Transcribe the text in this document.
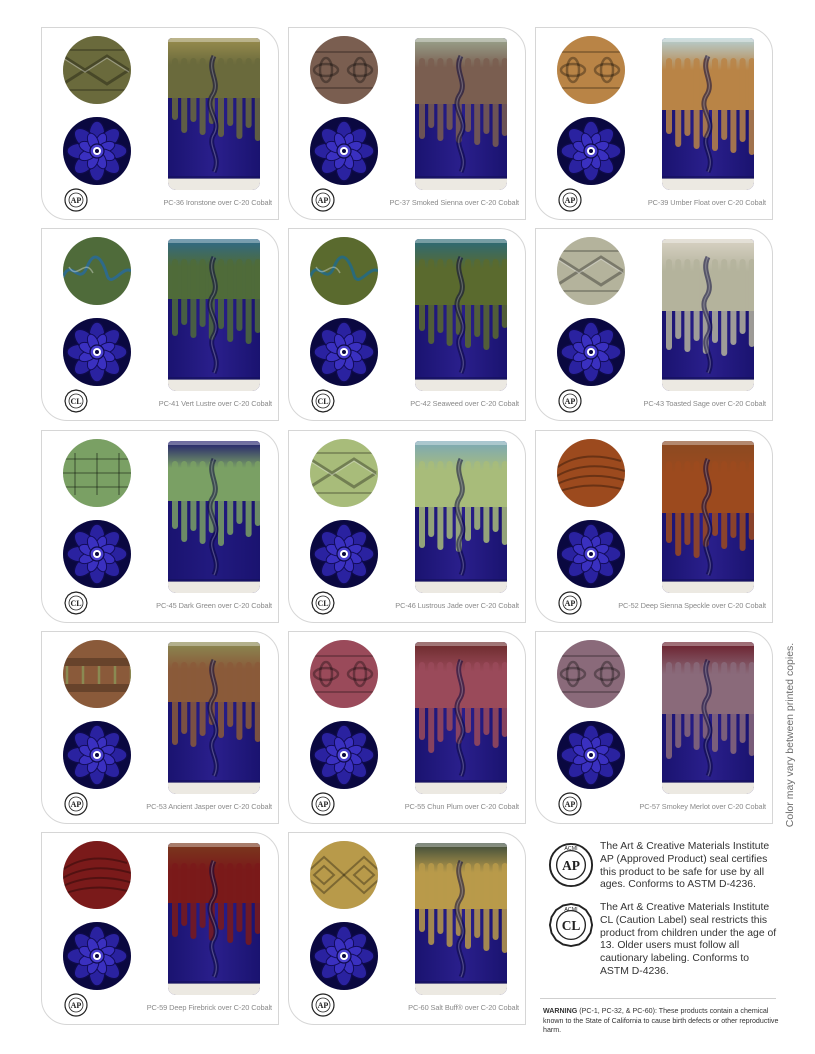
AP	PC-36 Ironstone over C-20 Cobalt	AP	PC-37 Smoked Sienna over C-20 Cobalt	AP	PC-39 Umber Float over C-20 Cobalt
CL	PC-41 Vert Lustre over C-20 Cobalt	CL	PC-42 Seaweed over C-20 Cobalt	AP	PC-43 Toasted Sage over C-20 Cobalt
CL	PC-45 Dark Green over C-20 Cobalt	CL	PC-46 Lustrous Jade over C-20 Cobalt	AP	PC-52 Deep Sienna Speckle over C-20 Cobalt
AP	PC-53 Ancient Jasper over C-20 Cobalt	AP	PC-55 Chun Plum over C-20 Cobalt	AP	PC-57 Smokey Merlot over C-20 Cobalt
AP	PC-59 Deep Firebrick over C-20 Cobalt	AP	PC-60 Salt Buff® over C-20 Cobalt
Color may vary between printed copies.
ACMI
AP
The Art & Creative Materials Institute AP (Approved Product) seal certifies this product to be safe for use by all ages. Conforms to ASTM D-4236.
ACMI
CL
The Art & Creative Materials Institute CL (Caution Label) seal restricts this product from children under the age of 13. Older users must follow all cautionary labeling. Conforms to ASTM D-4236.
WARNING (PC-1, PC-32, & PC-60): These products contain a chemical known to the State of California to cause birth defects or other reproductive harm.
